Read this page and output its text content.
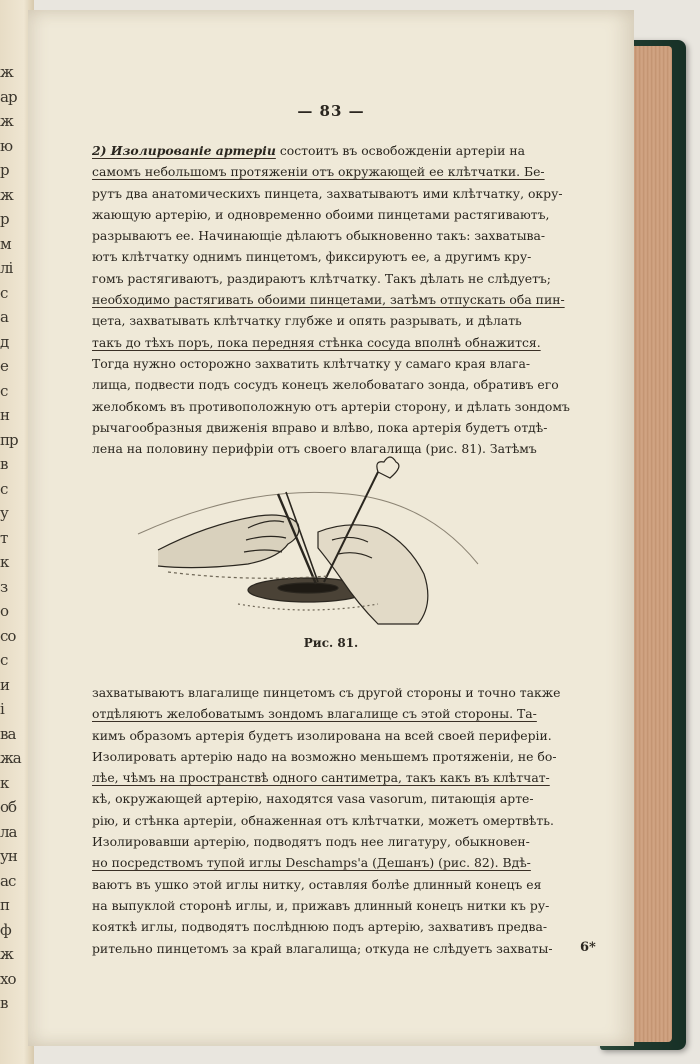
ж
ар
ж
ю
р
ж
р
м
лі
с
а
д
е
с
н
пр
в
с
у
т
к
з
о
со
с
и
і
ва
жа
к
об
ла
ун
ас
п
ф
ж
хо
в
— 83 —
2) Изолированіе артеріи состоитъ въ освобожденіи артеріи на
самомъ небольшомъ протяженіи отъ окружающей ее клѣтчатки. Бе-
рутъ два анатомическихъ пинцета, захватываютъ ими клѣтчатку, окру-
жающую артерію, и одновременно обоими пинцетами растягиваютъ,
разрываютъ ее. Начинающіе дѣлаютъ обыкновенно такъ: захватыва-
ютъ клѣтчатку однимъ пинцетомъ, фиксируютъ ее, а другимъ кру-
гомъ растягиваютъ, раздираютъ клѣтчатку. Такъ дѣлать не слѣдуетъ;
необходимо растягивать обоими пинцетами, затѣмъ отпускать оба пин-
цета, захватывать клѣтчатку глубже и опять разрывать, и дѣлать
такъ до тѣхъ поръ, пока передняя стѣнка сосуда вполнѣ обнажится.
Тогда нужно осторожно захватить клѣтчатку у самаго края влага-
лища, подвести подъ сосудъ конецъ желобоватаго зонда, обративъ его
желобкомъ въ противоположную отъ артеріи сторону, и дѣлать зондомъ
рычагообразныя движенія вправо и влѣво, пока артерія будетъ отдѣ-
лена на половину перифріи отъ своего влагалища (рис. 81). Затѣмъ
Рис. 81.
захватываютъ влагалище пинцетомъ съ другой стороны и точно также
отдѣляютъ желобоватымъ зондомъ влагалище съ этой стороны. Та-
кимъ образомъ артерія будетъ изолирована на всей своей периферіи.
Изолировать артерію надо на возможно меньшемъ протяженіи, не бо-
лѣе, чѣмъ на пространствѣ одного сантиметра, такъ какъ въ клѣтчат-
кѣ, окружающей артерію, находятся vasa vasorum, питающія арте-
рію, и стѣнка артеріи, обнаженная отъ клѣтчатки, можетъ омертвѣть.
Изолировавши артерію, подводятъ подъ нее лигатуру, обыкновен-
но посредствомъ тупой иглы Deschamps'а (Дешанъ) (рис. 82). Вдѣ-
ваютъ въ ушко этой иглы нитку, оставляя болѣе длинный конецъ ея
на выпуклой сторонѣ иглы, и, прижавъ длинный конецъ нитки къ ру-
кояткѣ иглы, подводятъ послѣднюю подъ артерію, захвативъ предва-
рительно пинцетомъ за край влагалища; откуда не слѣдуетъ захваты-	6*
